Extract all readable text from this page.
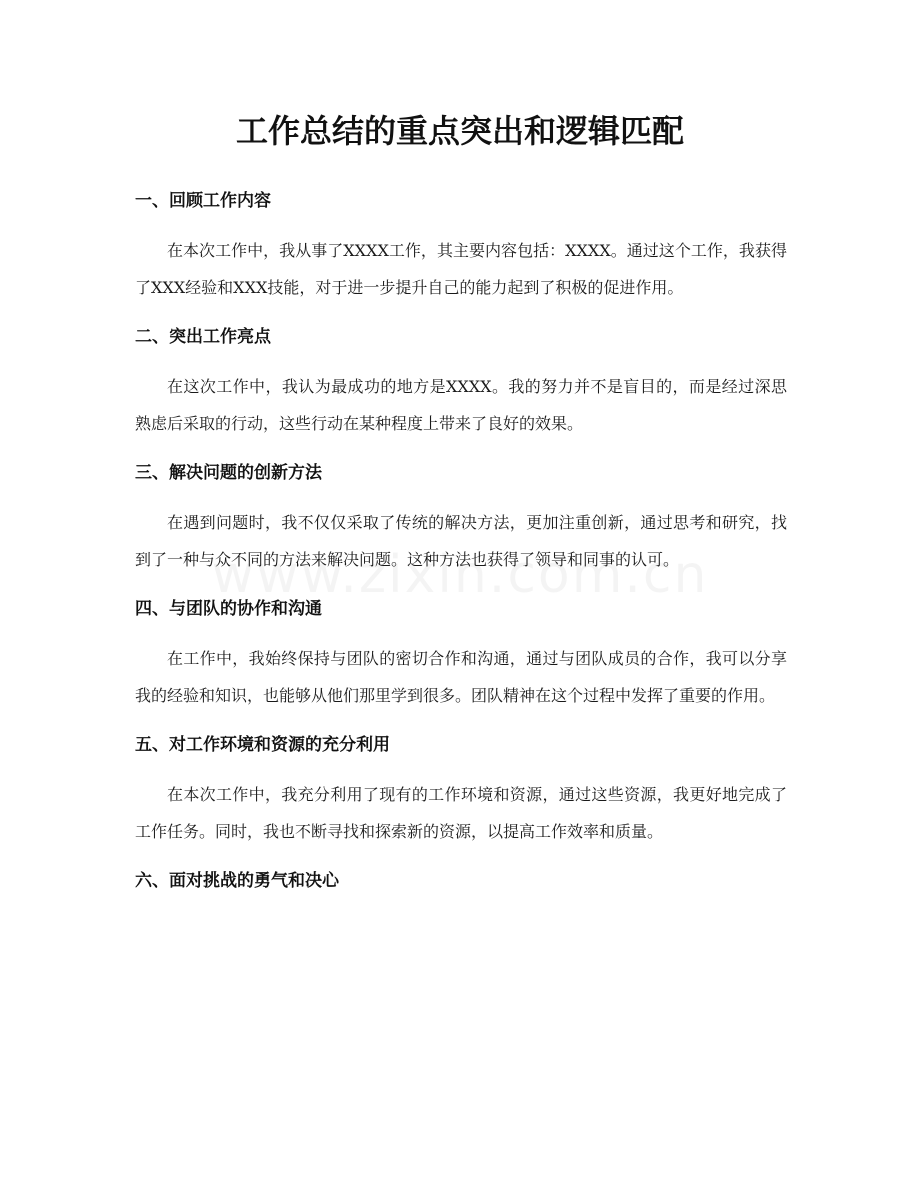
工作总结的重点突出和逻辑匹配
一、回顾工作内容

在本次工作中，我从事了XXXX工作，其主要内容包括：XXXX。通过这个工作，我获得了XXX经验和XXX技能，对于进一步提升自己的能力起到了积极的促进作用。

二、突出工作亮点

在这次工作中，我认为最成功的地方是XXXX。我的努力并不是盲目的，而是经过深思熟虑后采取的行动，这些行动在某种程度上带来了良好的效果。

三、解决问题的创新方法

在遇到问题时，我不仅仅采取了传统的解决方法，更加注重创新，通过思考和研究，找到了一种与众不同的方法来解决问题。这种方法也获得了领导和同事的认可。

四、与团队的协作和沟通

在工作中，我始终保持与团队的密切合作和沟通，通过与团队成员的合作，我可以分享我的经验和知识，也能够从他们那里学到很多。团队精神在这个过程中发挥了重要的作用。

五、对工作环境和资源的充分利用

在本次工作中，我充分利用了现有的工作环境和资源，通过这些资源，我更好地完成了工作任务。同时，我也不断寻找和探索新的资源，以提高工作效率和质量。

六、面对挑战的勇气和决心
